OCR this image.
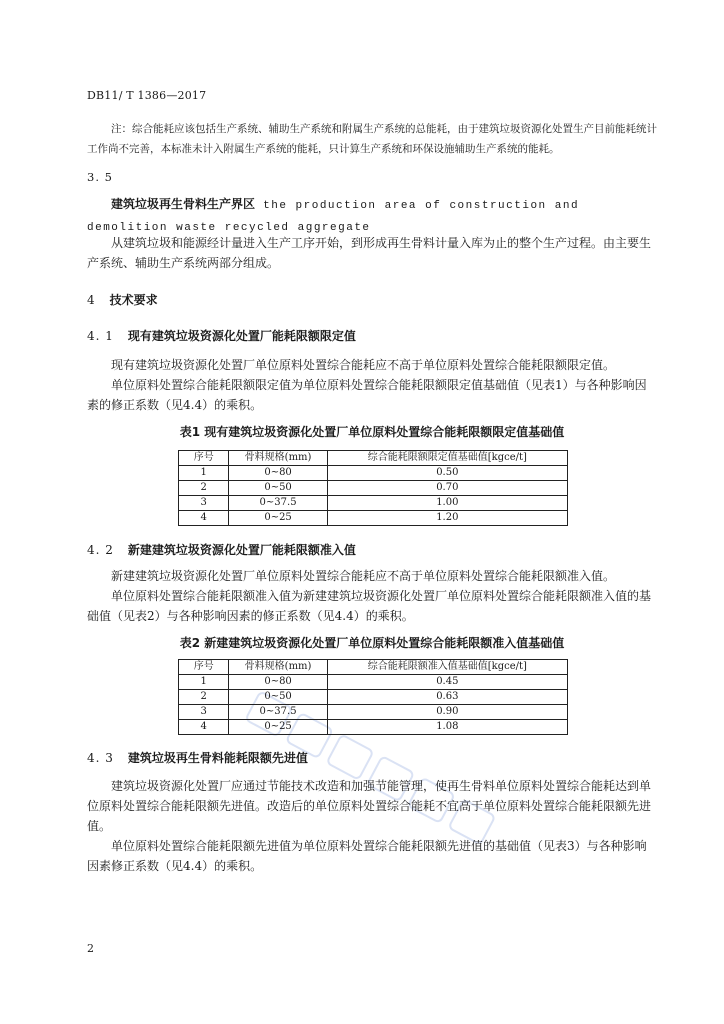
DB11/ T 1386—2017

注：综合能耗应该包括生产系统、辅助生产系统和附属生产系统的总能耗，由于建筑垃圾资源化处置生产目前能耗统计工作尚不完善，本标准未计入附属生产系统的能耗，只计算生产系统和环保设施辅助生产系统的能耗。

3. 5

建筑垃圾再生骨料生产界区 the production area of construction and demolition waste recycled aggregate

从建筑垃圾和能源经计量进入生产工序开始，到形成再生骨料计量入库为止的整个生产过程。由主要生产系统、辅助生产系统两部分组成。

4 技术要求

4. 1 现有建筑垃圾资源化处置厂能耗限额限定值

现有建筑垃圾资源化处置厂单位原料处置综合能耗应不高于单位原料处置综合能耗限额限定值。

单位原料处置综合能耗限额限定值为单位原料处置综合能耗限额限定值基础值（见表1）与各种影响因素的修正系数（见4.4）的乘积。

表1 现有建筑垃圾资源化处置厂单位原料处置综合能耗限额限定值基础值

序号	骨料规格(mm)	综合能耗限额限定值基础值[kgce/t]
1	0~80	0.50
2	0~50	0.70
3	0~37.5	1.00
4	0~25	1.20

4. 2 新建建筑垃圾资源化处置厂能耗限额准入值

新建建筑垃圾资源化处置厂单位原料处置综合能耗应不高于单位原料处置综合能耗限额准入值。

单位原料处置综合能耗限额准入值为新建建筑垃圾资源化处置厂单位原料处置综合能耗限额准入值的基础值（见表2）与各种影响因素的修正系数（见4.4）的乘积。

表2 新建建筑垃圾资源化处置厂单位原料处置综合能耗限额准入值基础值

序号	骨料规格(mm)	综合能耗限额准入值基础值[kgce/t]
1	0~80	0.45
2	0~50	0.63
3	0~37.5	0.90
4	0~25	1.08

4. 3 建筑垃圾再生骨料能耗限额先进值

建筑垃圾资源化处置厂应通过节能技术改造和加强节能管理，使再生骨料单位原料处置综合能耗达到单位原料处置综合能耗限额先进值。改造后的单位原料处置综合能耗不宜高于单位原料处置综合能耗限额先进值。

单位原料处置综合能耗限额先进值为单位原料处置综合能耗限额先进值的基础值（见表3）与各种影响因素修正系数（见4.4）的乘积。

2
